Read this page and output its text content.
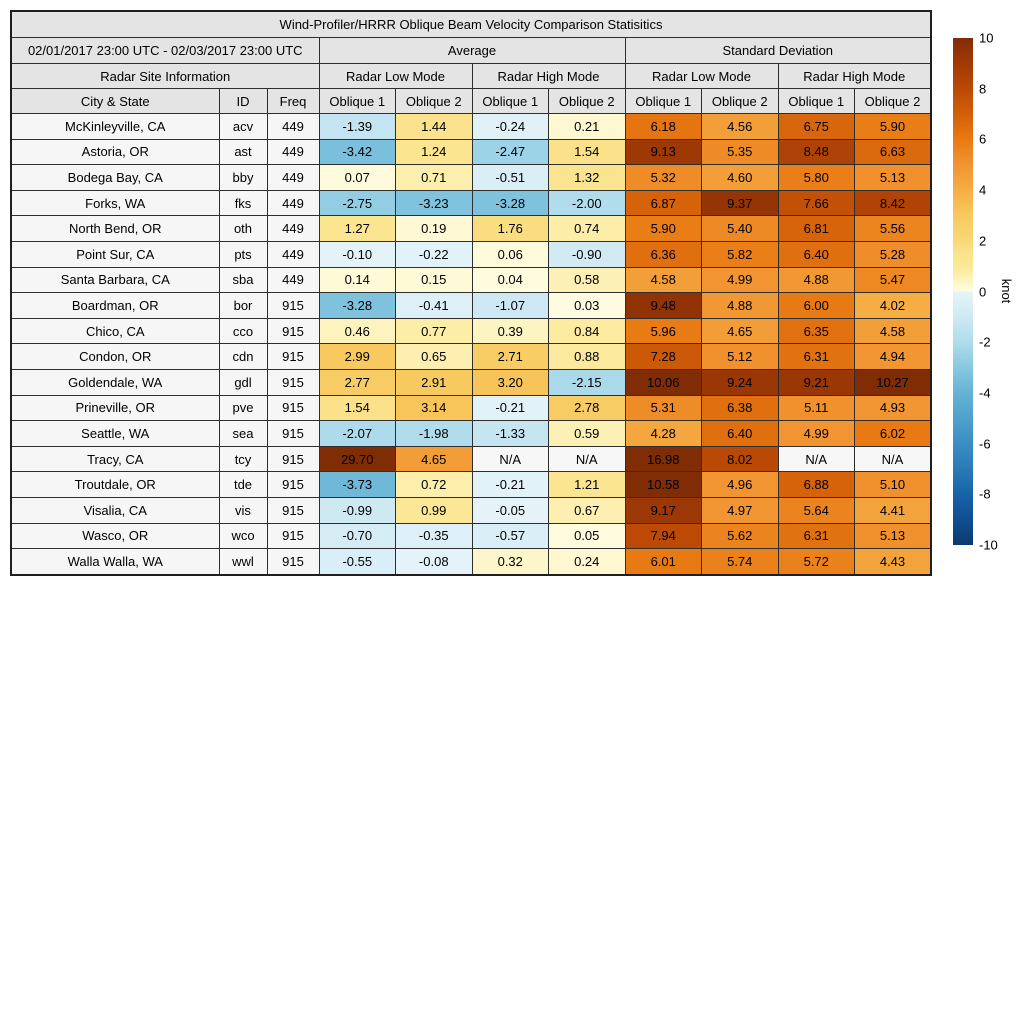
Wind-Profiler/HRRR Oblique Beam Velocity Comparison Statisitics										
02/01/2017 23:00 UTC - 02/03/2017 23:00 UTC			Average				Standard Deviation			
Radar Site Information			Radar Low Mode		Radar High Mode		Radar Low Mode		Radar High Mode	
City & State	ID	Freq	Oblique 1	Oblique 2	Oblique 1	Oblique 2	Oblique 1	Oblique 2	Oblique 1	Oblique 2
McKinleyville, CA	acv	449	-1.39	1.44	-0.24	0.21	6.18	4.56	6.75	5.90
Astoria, OR	ast	449	-3.42	1.24	-2.47	1.54	9.13	5.35	8.48	6.63
Bodega Bay, CA	bby	449	0.07	0.71	-0.51	1.32	5.32	4.60	5.80	5.13
Forks, WA	fks	449	-2.75	-3.23	-3.28	-2.00	6.87	9.37	7.66	8.42
North Bend, OR	oth	449	1.27	0.19	1.76	0.74	5.90	5.40	6.81	5.56
Point Sur, CA	pts	449	-0.10	-0.22	0.06	-0.90	6.36	5.82	6.40	5.28
Santa Barbara, CA	sba	449	0.14	0.15	0.04	0.58	4.58	4.99	4.88	5.47
Boardman, OR	bor	915	-3.28	-0.41	-1.07	0.03	9.48	4.88	6.00	4.02
Chico, CA	cco	915	0.46	0.77	0.39	0.84	5.96	4.65	6.35	4.58
Condon, OR	cdn	915	2.99	0.65	2.71	0.88	7.28	5.12	6.31	4.94
Goldendale, WA	gdl	915	2.77	2.91	3.20	-2.15	10.06	9.24	9.21	10.27
Prineville, OR	pve	915	1.54	3.14	-0.21	2.78	5.31	6.38	5.11	4.93
Seattle, WA	sea	915	-2.07	-1.98	-1.33	0.59	4.28	6.40	4.99	6.02
Tracy, CA	tcy	915	29.70	4.65	N/A	N/A	16.98	8.02	N/A	N/A
Troutdale, OR	tde	915	-3.73	0.72	-0.21	1.21	10.58	4.96	6.88	5.10
Visalia, CA	vis	915	-0.99	0.99	-0.05	0.67	9.17	4.97	5.64	4.41
Wasco, OR	wco	915	-0.70	-0.35	-0.57	0.05	7.94	5.62	6.31	5.13
Walla Walla, WA	wwl	915	-0.55	-0.08	0.32	0.24	6.01	5.74	5.72	4.43
knot
10
8
6
4
2
0
-2
-4
-6
-8
-10
